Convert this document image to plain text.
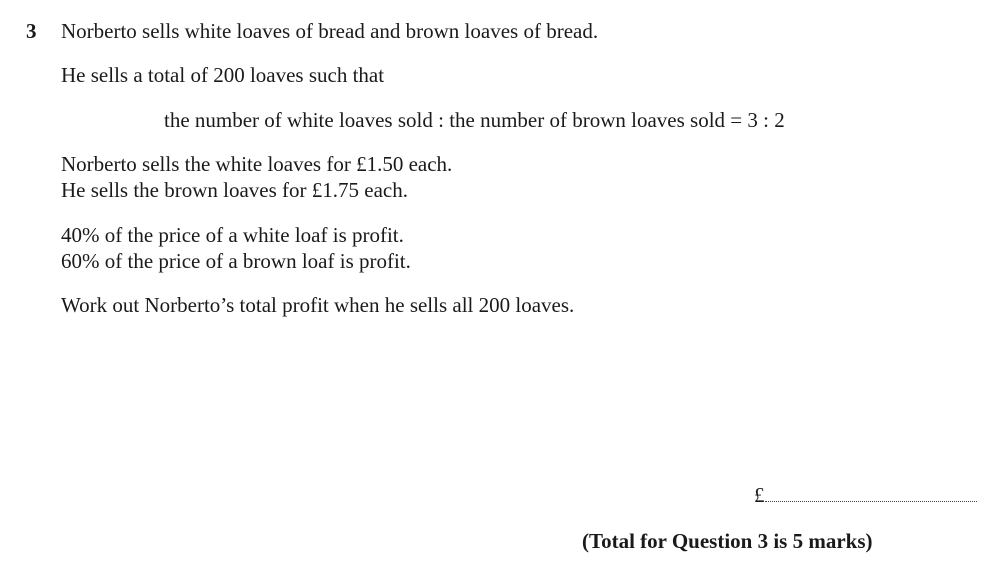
3 Norberto sells white loaves of bread and brown loaves of bread.
He sells a total of 200 loaves such that
the number of white loaves sold : the number of brown loaves sold = 3 : 2
Norberto sells the white loaves for £1.50 each.
He sells the brown loaves for £1.75 each.
40% of the price of a white loaf is profit.
60% of the price of a brown loaf is profit.
Work out Norberto’s total profit when he sells all 200 loaves.
£
(Total for Question 3 is 5 marks)
